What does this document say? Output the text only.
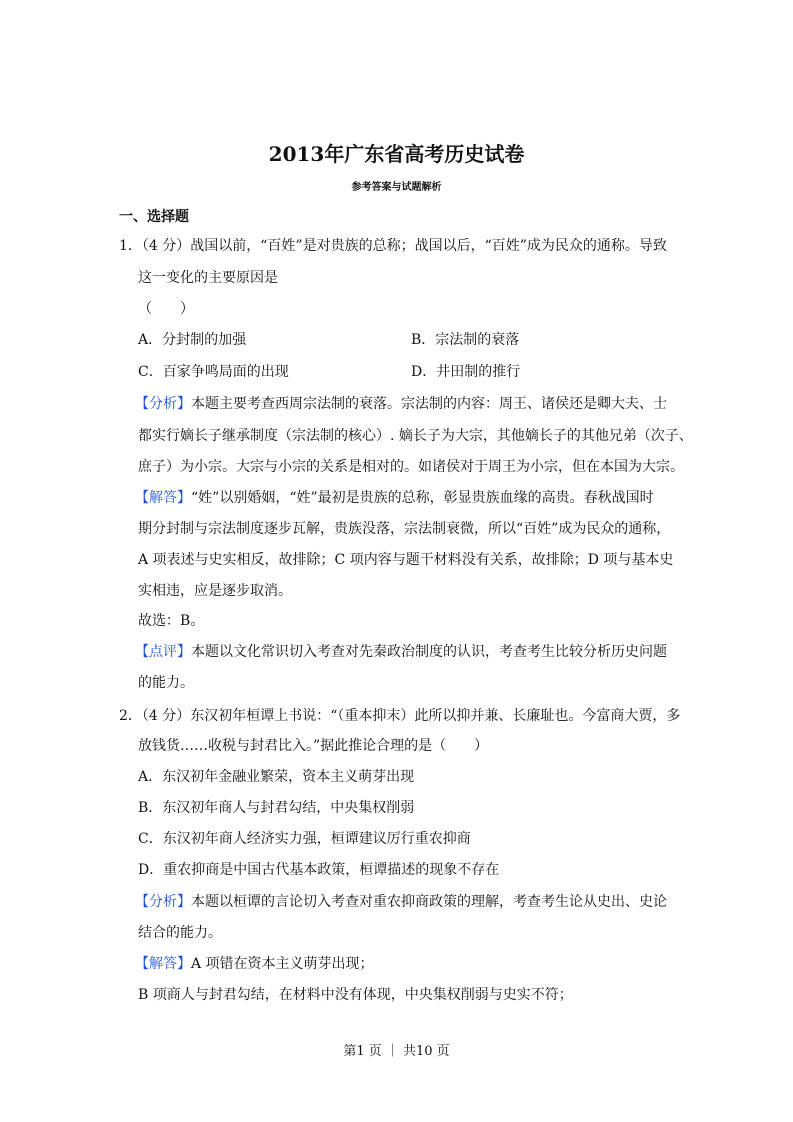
2013年广东省高考历史试卷
参考答案与试题解析
一、选择题
1．（4 分）战国以前，“百姓”是对贵族的总称；战国以后，“百姓”成为民众的通称。导致
这一变化的主要原因是
（　　）
A．分封制的加强	B．宗法制的衰落
C．百家争鸣局面的出现	D．井田制的推行
【分析】本题主要考查西周宗法制的衰落。宗法制的内容：周王、诸侯还是卿大夫、士
都实行嫡长子继承制度（宗法制的核心）. 嫡长子为大宗，其他嫡长子的其他兄弟（次子、
庶子）为小宗。大宗与小宗的关系是相对的。如诸侯对于周王为小宗，但在本国为大宗。
【解答】“姓”以别婚姻，“姓”最初是贵族的总称，彰显贵族血缘的高贵。春秋战国时
期分封制与宗法制度逐步瓦解，贵族没落，宗法制衰微，所以“百姓”成为民众的通称，
A 项表述与史实相反，故排除；C 项内容与题干材料没有关系，故排除；D 项与基本史
实相违，应是逐步取消。
故选：B。
【点评】本题以文化常识切入考查对先秦政治制度的认识，考查考生比较分析历史问题
的能力。
2．（4 分）东汉初年桓谭上书说：“（重本抑末）此所以抑并兼、长廉耻也。今富商大贾，多
放钱货……收税与封君比入。”据此推论合理的是（　　）
A．东汉初年金融业繁荣，资本主义萌芽出现
B．东汉初年商人与封君勾结，中央集权削弱
C．东汉初年商人经济实力强，桓谭建议厉行重农抑商
D．重农抑商是中国古代基本政策，桓谭描述的现象不存在
【分析】本题以桓谭的言论切入考查对重农抑商政策的理解，考查考生论从史出、史论
结合的能力。
【解答】A 项错在资本主义萌芽出现；
B 项商人与封君勾结，在材料中没有体现，中央集权削弱与史实不符；
第1 页 ｜ 共10 页
